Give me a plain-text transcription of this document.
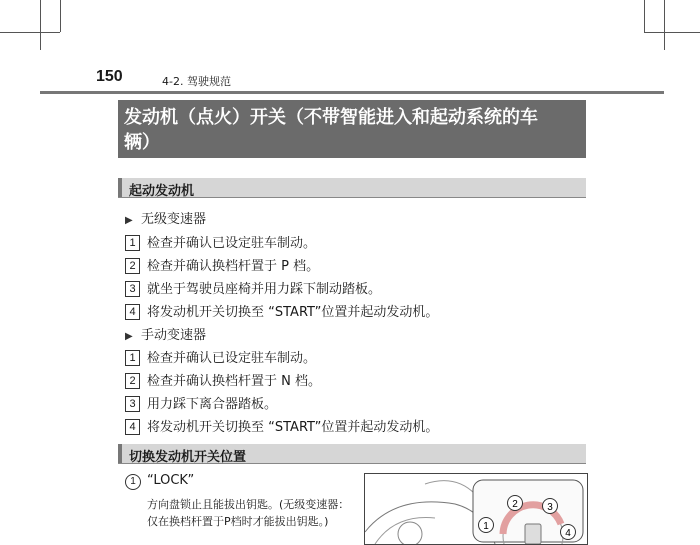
150	4-2. 驾驶规范
发动机（点火）开关（不带智能进入和起动系统的车
辆）
起动发动机
▶ 无级变速器
1 检查并确认已设定驻车制动。
2 检查并确认换档杆置于 P 档。
3 就坐于驾驶员座椅并用力踩下制动踏板。
4 将发动机开关切换至 “START”位置并起动发动机。
▶ 手动变速器
1 检查并确认已设定驻车制动。
2 检查并确认换档杆置于 N 档。
3 用力踩下离合器踏板。
4 将发动机开关切换至 “START”位置并起动发动机。
切换发动机开关位置
1 “LOCK”
方向盘锁止且能拔出钥匙。(无级变速器：仅在换档杆置于P档时才能拔出钥匙。)	1
2	3
4
